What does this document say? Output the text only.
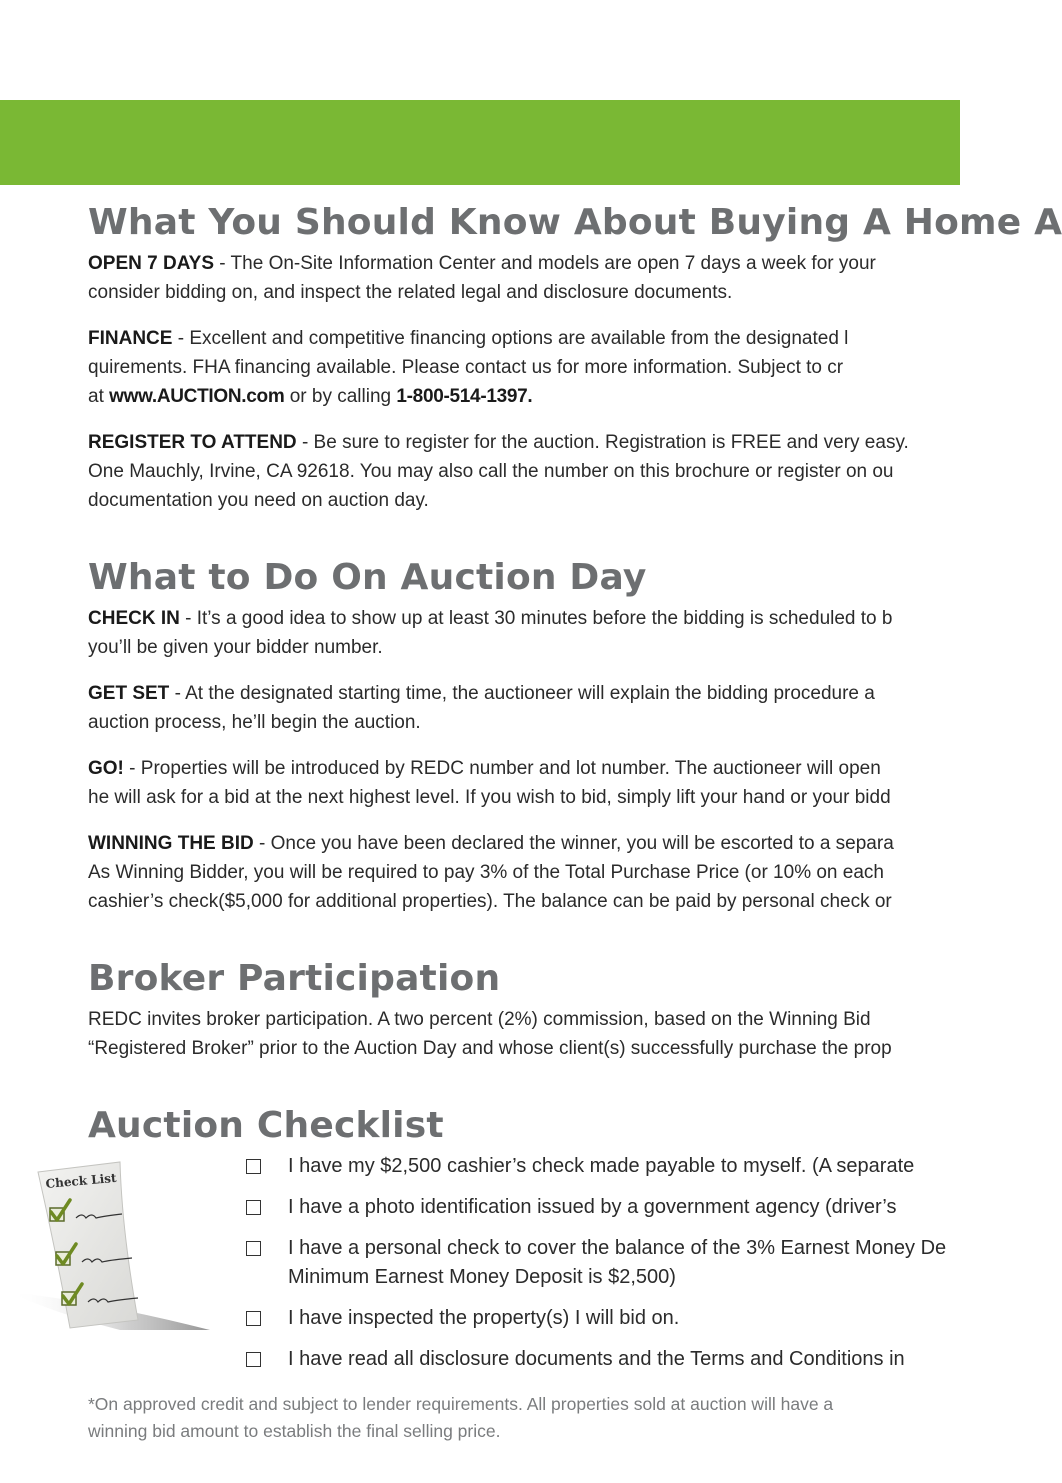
What You Should Know About Buying A Home A

OPEN 7 DAYS - The On-Site Information Center and models are open 7 days a week for your
consider bidding on, and inspect the related legal and disclosure documents.

FINANCE - Excellent and competitive financing options are available from the designated l
quirements. FHA financing available. Please contact us for more information. Subject to cr
at www.AUCTION.com or by calling 1-800-514-1397.

REGISTER TO ATTEND - Be sure to register for the auction. Registration is FREE and very easy.
One Mauchly, Irvine, CA 92618. You may also call the number on this brochure or register on ou
documentation you need on auction day.

What to Do On Auction Day

CHECK IN - It’s a good idea to show up at least 30 minutes before the bidding is scheduled to b
you’ll be given your bidder number.

GET SET - At the designated starting time, the auctioneer will explain the bidding procedure a
auction process, he’ll begin the auction.

GO! - Properties will be introduced by REDC number and lot number. The auctioneer will open
he will ask for a bid at the next highest level. If you wish to bid, simply lift your hand or your bidd

WINNING THE BID - Once you have been declared the winner, you will be escorted to a separa
As Winning Bidder, you will be required to pay 3% of the Total Purchase Price (or 10% on each
cashier’s check($5,000 for additional properties). The balance can be paid by personal check or

Broker Participation

REDC invites broker participation. A two percent (2%) commission, based on the Winning Bid
“Registered Broker” prior to the Auction Day and whose client(s) successfully purchase the prop

Auction Checklist
Check List
I have my $2,500 cashier’s check made payable to myself. (A separate
I have a photo identification issued by a government agency (driver’s
I have a personal check to cover the balance of the 3% Earnest Money De
Minimum Earnest Money Deposit is $2,500)
I have inspected the property(s) I will bid on.
I have read all disclosure documents and the Terms and Conditions in
*On approved credit and subject to lender requirements. All properties sold at auction will have a
winning bid amount to establish the final selling price.
